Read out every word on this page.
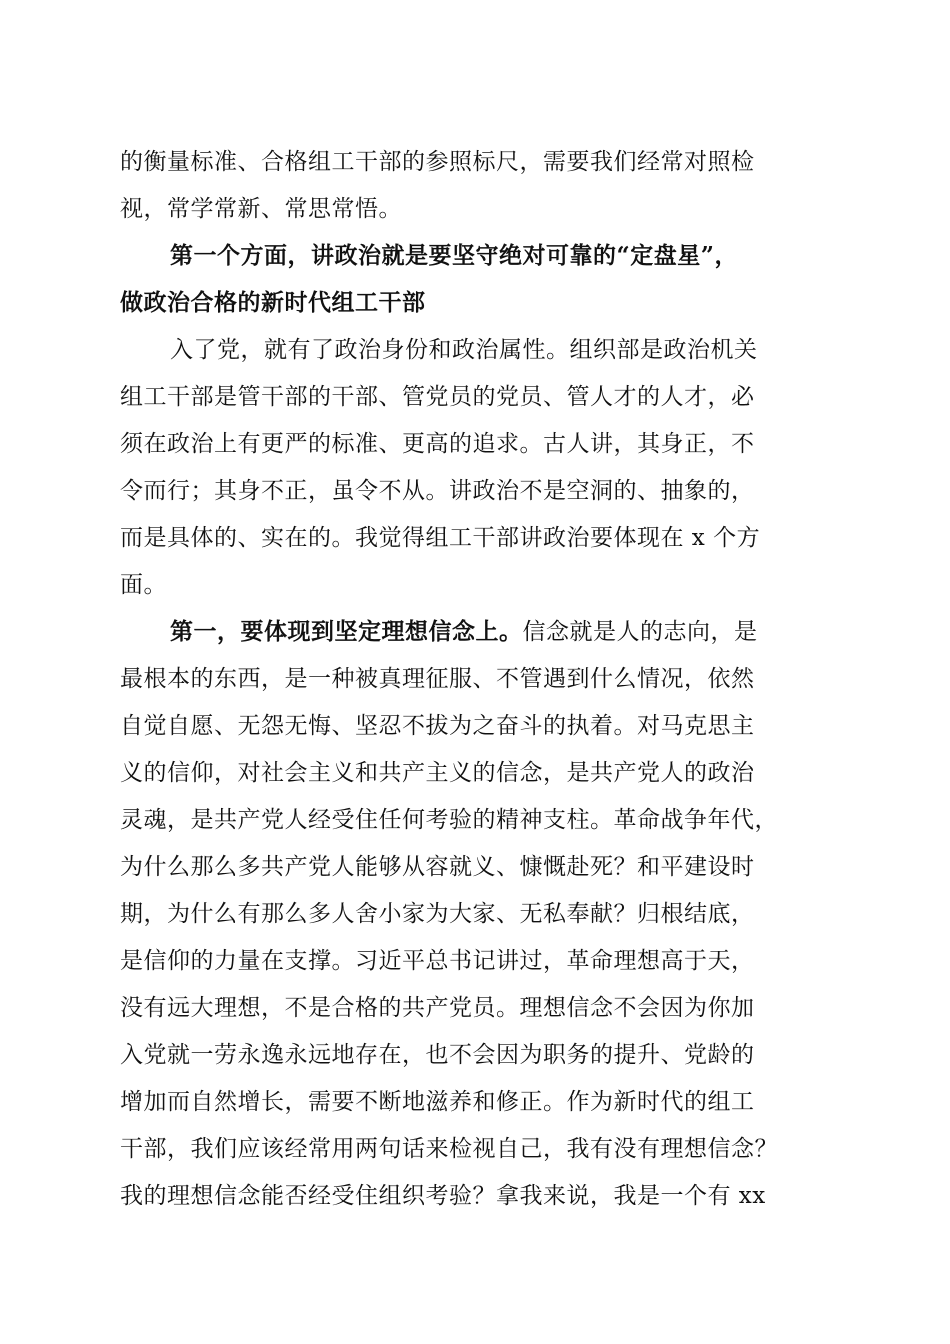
的衡量标准、合格组工干部的参照标尺，需要我们经常对照检
视，常学常新、常思常悟。
第一个方面，讲政治就是要坚守绝对可靠的“定盘星”，
做政治合格的新时代组工干部
入了党，就有了政治身份和政治属性。组织部是政治机关
组工干部是管干部的干部、管党员的党员、管人才的人才，必
须在政治上有更严的标准、更高的追求。古人讲，其身正，不
令而行；其身不正，虽令不从。讲政治不是空洞的、抽象的，
而是具体的、实在的。我觉得组工干部讲政治要体现在 x 个方
面。
第一，要体现到坚定理想信念上。信念就是人的志向，是
最根本的东西，是一种被真理征服、不管遇到什么情况，依然
自觉自愿、无怨无悔、坚忍不拔为之奋斗的执着。对马克思主
义的信仰，对社会主义和共产主义的信念，是共产党人的政治
灵魂，是共产党人经受住任何考验的精神支柱。革命战争年代，
为什么那么多共产党人能够从容就义、慷慨赴死？和平建设时
期，为什么有那么多人舍小家为大家、无私奉献？归根结底，
是信仰的力量在支撑。习近平总书记讲过，革命理想高于天，
没有远大理想，不是合格的共产党员。理想信念不会因为你加
入党就一劳永逸永远地存在，也不会因为职务的提升、党龄的
增加而自然增长，需要不断地滋养和修正。作为新时代的组工
干部，我们应该经常用两句话来检视自己，我有没有理想信念？
我的理想信念能否经受住组织考验？拿我来说，我是一个有 xx
